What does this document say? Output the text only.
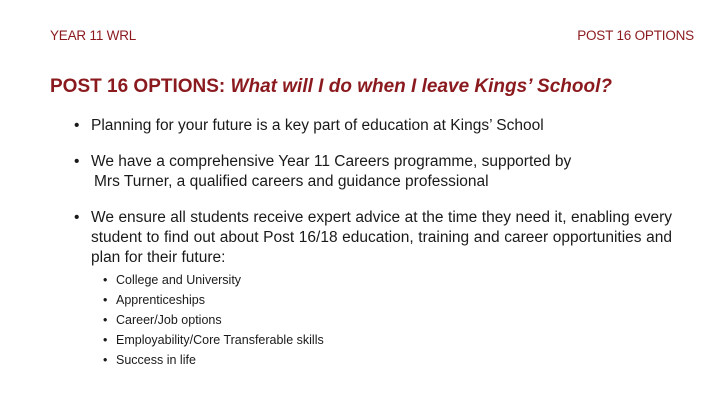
YEAR 11 WRL	POST 16 OPTIONS
POST 16 OPTIONS: What will I do when I leave Kings’ School?
• Planning for your future is a key part of education at Kings’ School
• We have a comprehensive Year 11 Careers programme, supported by
Mrs Turner, a qualified careers and guidance professional
• We ensure all students receive expert advice at the time they need it, enabling every student to find out about Post 16/18 education, training and career opportunities and plan for their future:
• College and University
• Apprenticeships
• Career/Job options
• Employability/Core Transferable skills
• Success in life
